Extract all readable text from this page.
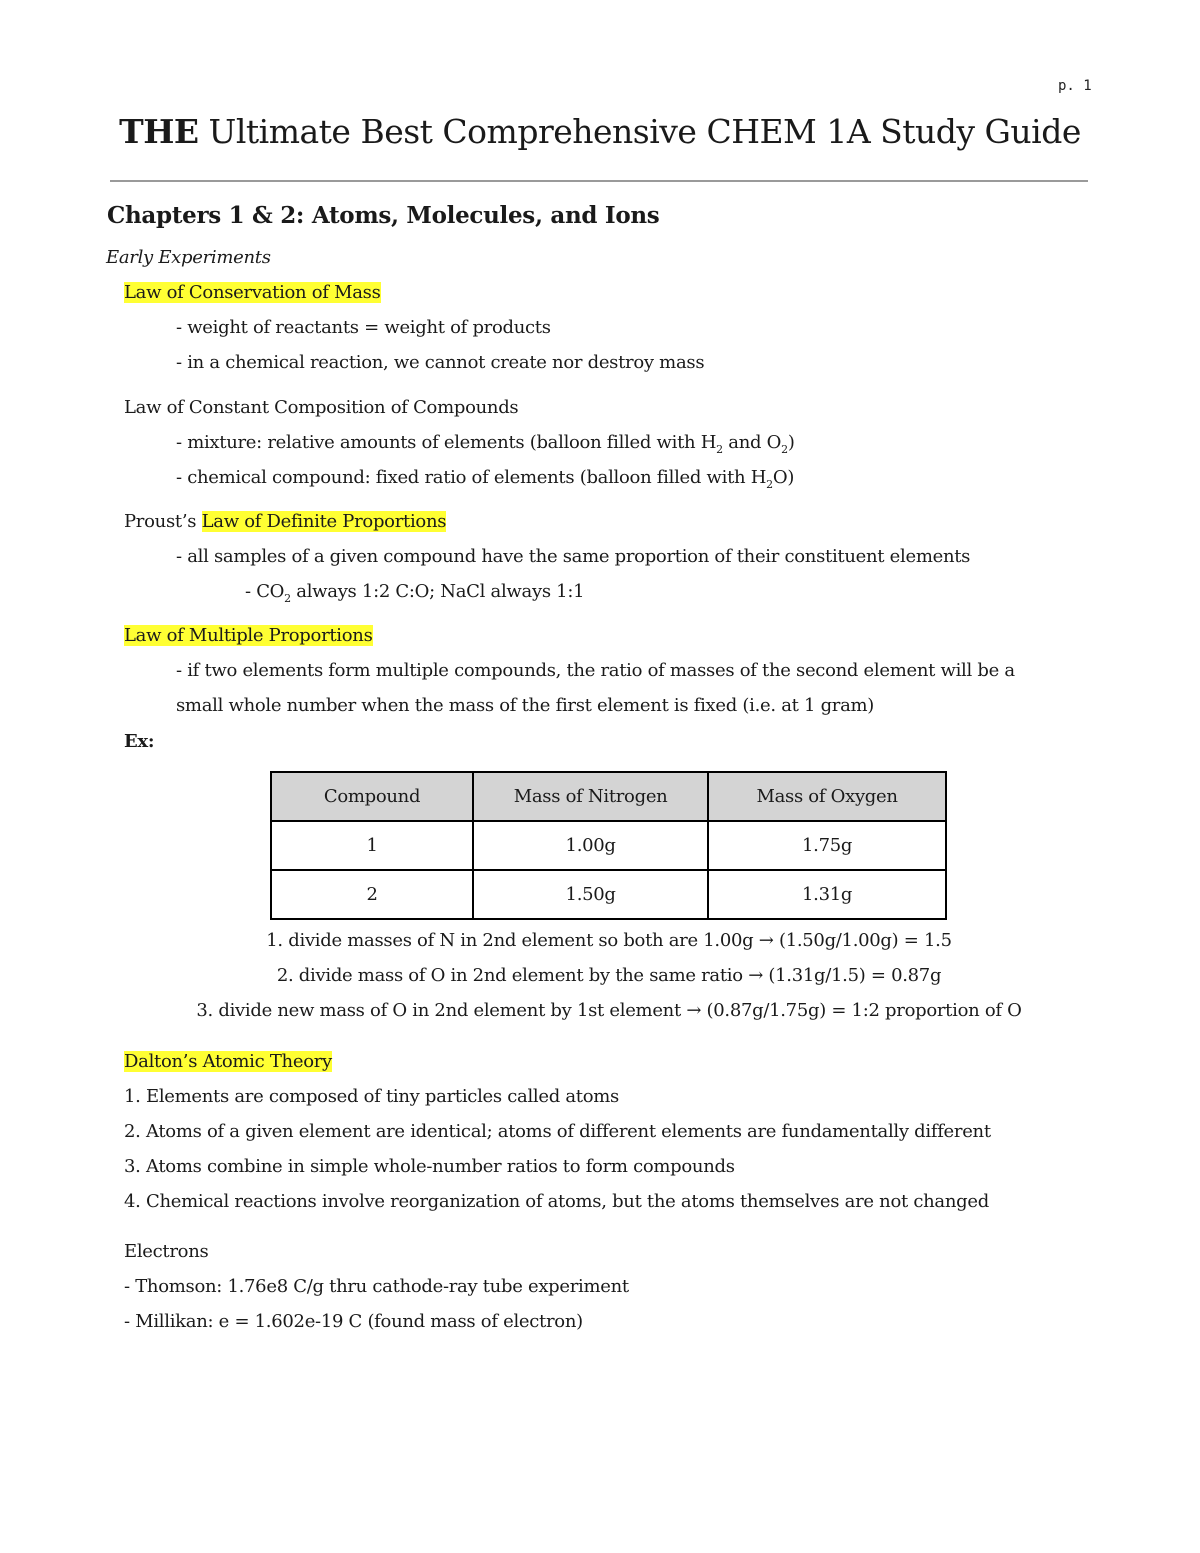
p. 1
THE Ultimate Best Comprehensive CHEM 1A Study Guide
Chapters 1 & 2: Atoms, Molecules, and Ions
Early Experiments
Law of Conservation of Mass
- weight of reactants = weight of products
- in a chemical reaction, we cannot create nor destroy mass
Law of Constant Composition of Compounds
- mixture: relative amounts of elements (balloon filled with $H_2$ and $O_2$)
- chemical compound: fixed ratio of elements (balloon filled with $H_2O$)
Proust’s Law of Definite Proportions
- all samples of a given compound have the same proportion of their constituent elements
- $CO_2$ always 1:2 C:O; NaCl always 1:1
Law of Multiple Proportions
- if two elements form multiple compounds, the ratio of masses of the second element will be a
small whole number when the mass of the first element is fixed (i.e. at 1 gram)
Ex:
Compound	Mass of Nitrogen	Mass of Oxygen
1	1.00g	1.75g
2	1.50g	1.31g
1. divide masses of N in 2nd element so both are 1.00g → (1.50g/1.00g) = 1.5
2. divide mass of O in 2nd element by the same ratio → (1.31g/1.5) = 0.87g
3. divide new mass of O in 2nd element by 1st element → (0.87g/1.75g) = 1:2 proportion of O
Dalton’s Atomic Theory
1. Elements are composed of tiny particles called atoms
2. Atoms of a given element are identical; atoms of different elements are fundamentally different
3. Atoms combine in simple whole-number ratios to form compounds
4. Chemical reactions involve reorganization of atoms, but the atoms themselves are not changed
Electrons
- Thomson: 1.76e8 C/g thru cathode-ray tube experiment
- Millikan: e = 1.602e-19 C (found mass of electron)
